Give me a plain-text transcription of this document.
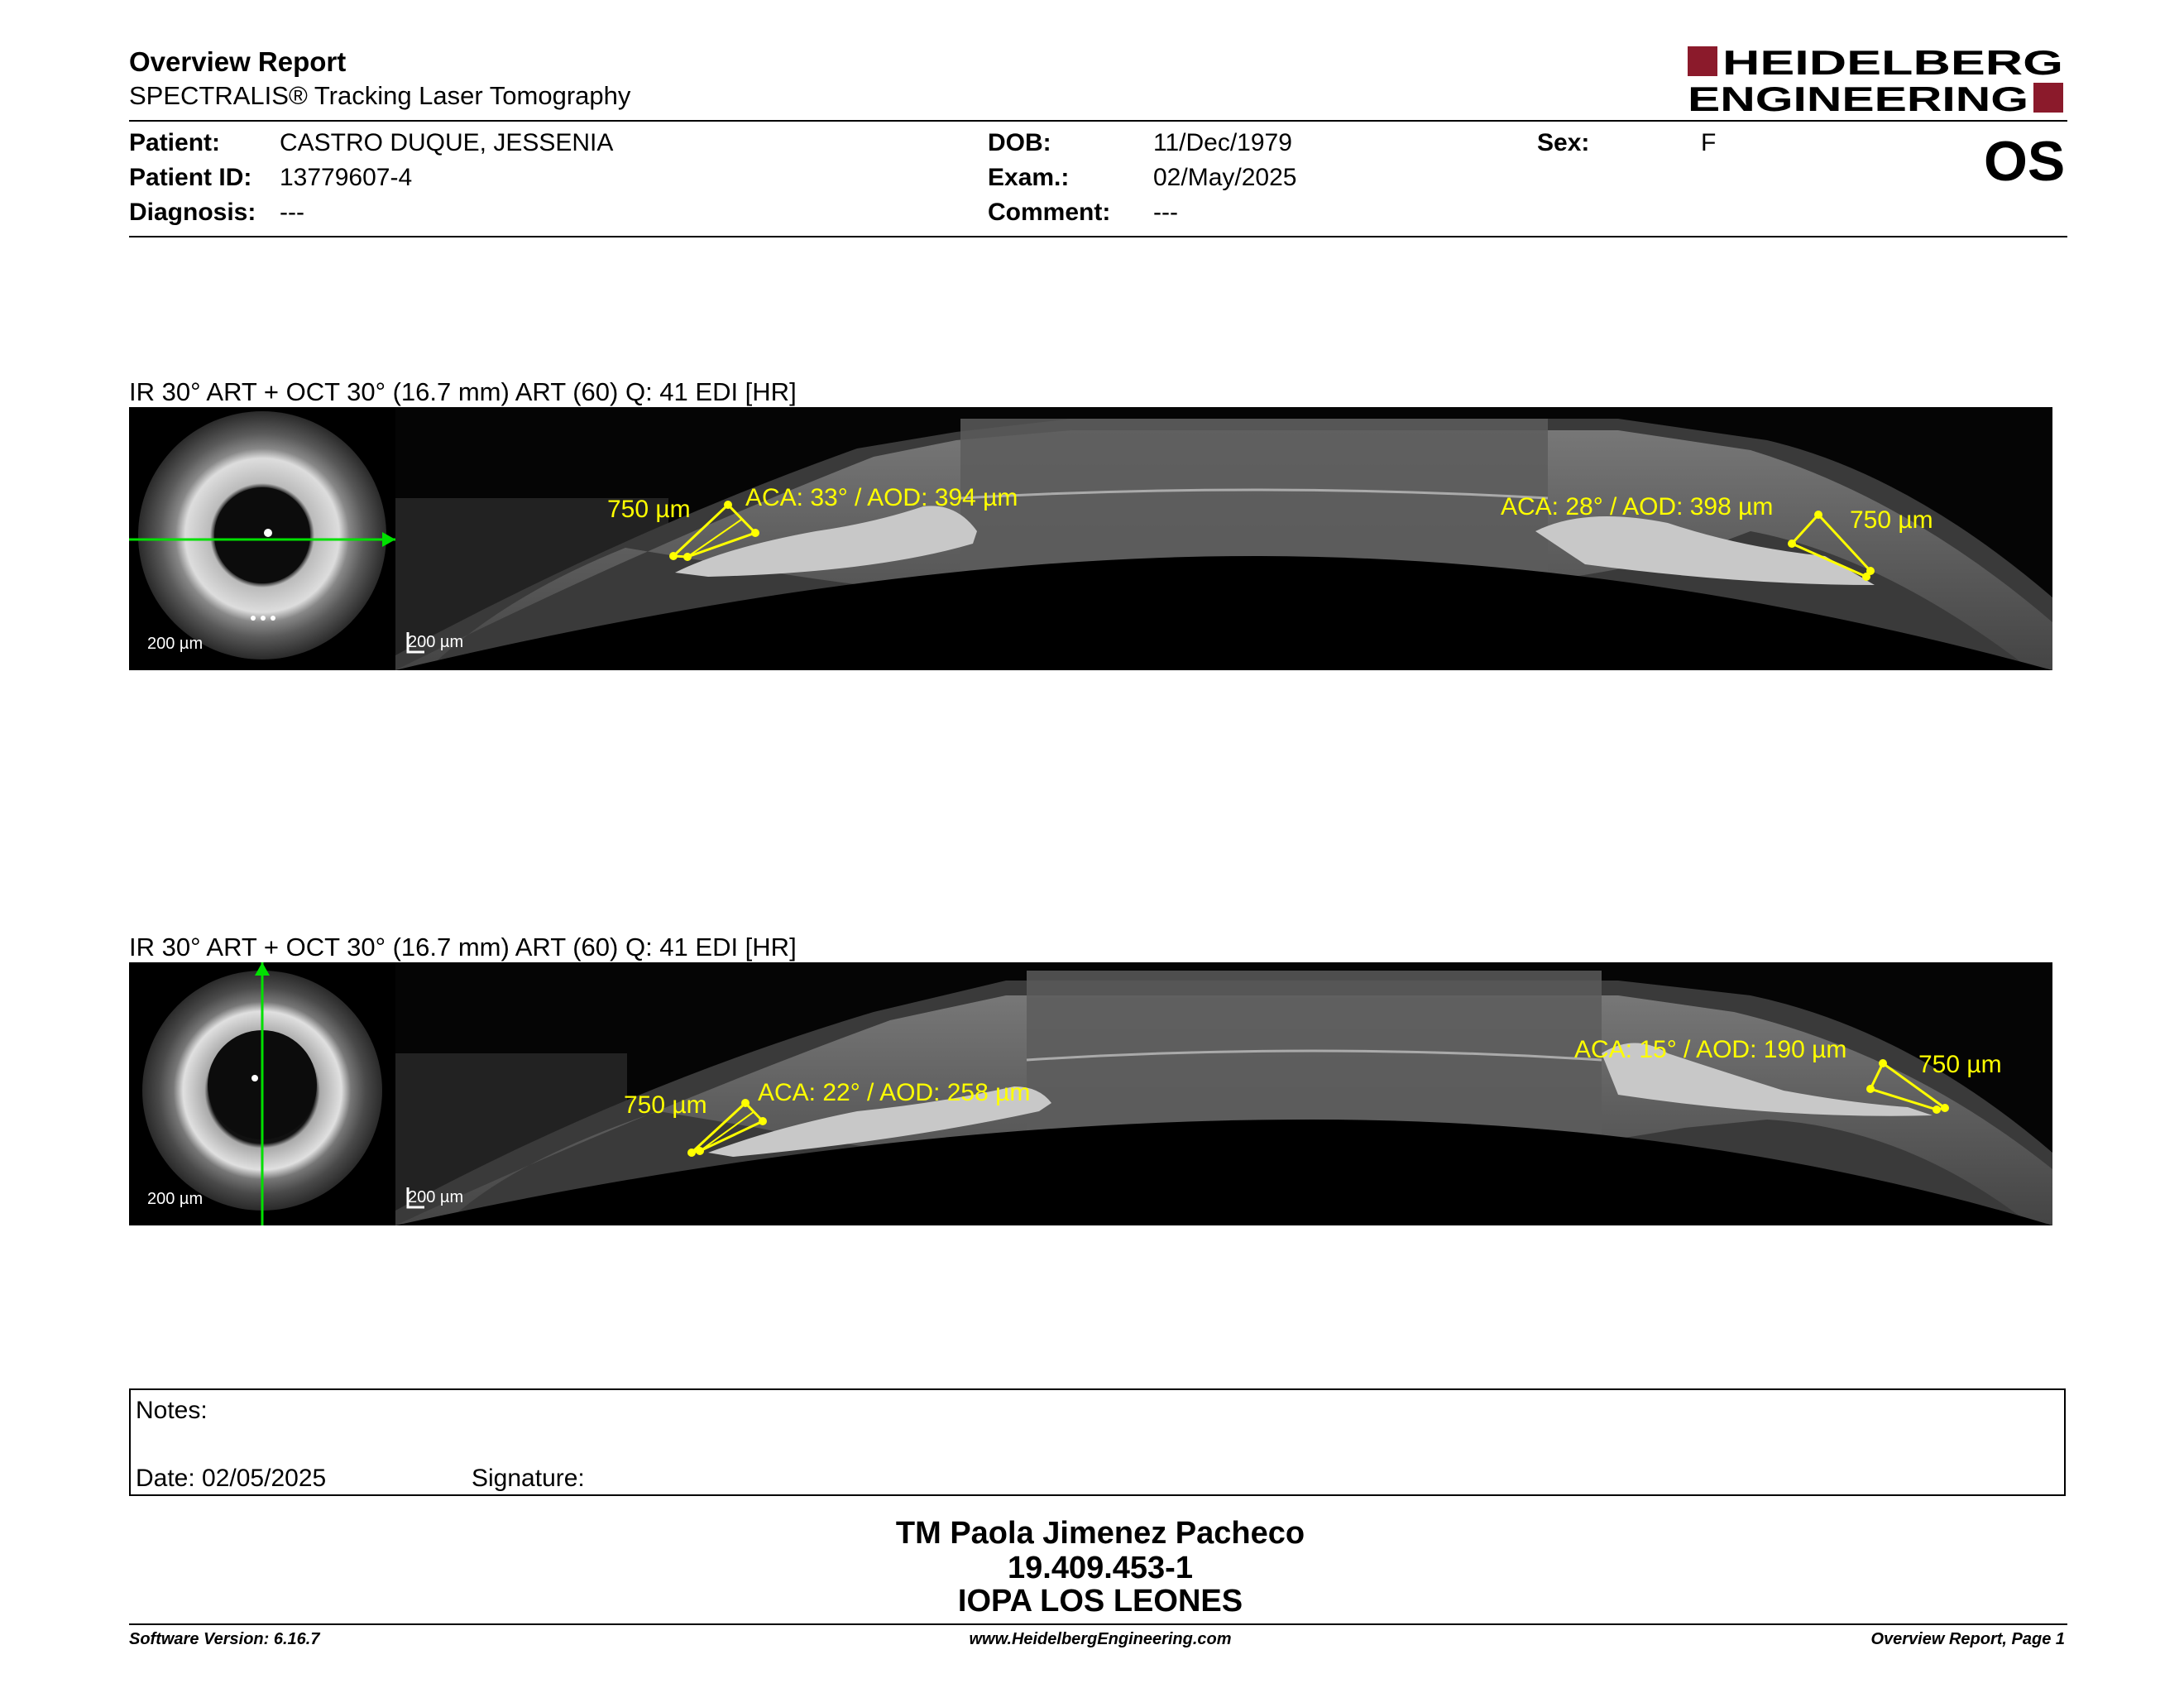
Overview Report
SPECTRALIS® Tracking Laser Tomography
HEIDELBERG
ENGINEERING
Patient: CASTRO DUQUE, JESSENIA
Patient ID: 13779607-4
Diagnosis: ---
DOB:	11/Dec/1979
Exam.:	02/May/2025
Comment: ---
Sex:	F	OS
IR 30° ART + OCT 30° (16.7 mm) ART (60) Q: 41 EDI [HR]
200 µm	200 µm
750 µm ACA: 33° / AOD: 394 µm	ACA: 28° / AOD: 398 µm	750 µm
IR 30° ART + OCT 30° (16.7 mm) ART (60) Q: 41 EDI [HR]
200 µm	200 µm
750 µm ACA: 22° / AOD: 258 µm
ACA: 15° / AOD: 190 µm
750 µm
Notes:
Date: 02/05/2025	Signature:
TM Paola Jimenez Pacheco
19.409.453-1
IOPA LOS LEONES
Software Version: 6.16.7	www.HeidelbergEngineering.com	Overview Report, Page 1
